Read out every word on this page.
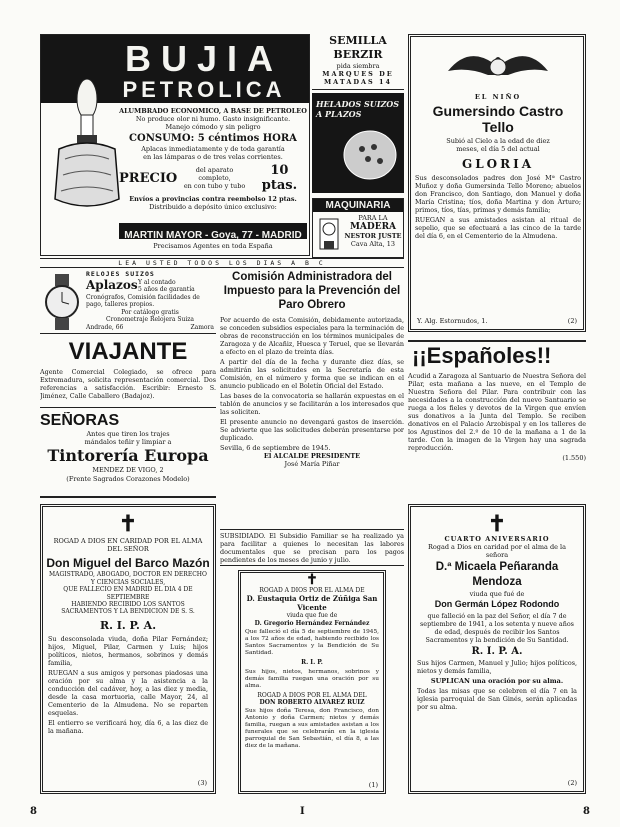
BUJIA
PETROLICA

ALUMBRADO ECONOMICO, A BASE DE PETROLEO

No produce olor ni humo. Gasto insignificante.

Manejo cómodo y sin peligro

CONSUMO: 5 céntimos HORA

Aplacas inmediatamente y de toda garantía

en las lámparas o de tres velas corrientes.

PRECIO
del aparato completo,
en con tubo y tubo
10 ptas.

Envíos a provincias contra reembolso 12 ptas.

Distribuido a depósito único exclusivo:

MARTIN MAYOR - Goya, 77 - MADRID

Precisamos Agentes en toda España

SEMILLA BERZIR
pida siembra
MARQUES DE
MATADAS 14
HELADOS SUIZOS
A PLAZOS
MAQUINARIA
PARA LA
MADERA
NESTOR JUSTE
Cava Alta, 13
EL NIÑO
Gumersindo Castro Tello
Subió al Cielo a la edad de diez
meses, el día 5 del actual
GLORIA

Sus desconsolados padres don José Mª Castro Muñoz y doña Gumersinda Tello Moreno; abuelos don Francisco, don Santiago, don Manuel y doña María Cristina; tíos, doña Martina y don Arturo; primos, tíos, tías, primas y demás familia;

RUEGAN a sus amistades asistan al ritual de sepelio, que se efectuará a las cinco de la tarde del día 6, en el Cementerio de la Almudena.

Y. Alg. Estornudos, 1.	(2)
LEA USTED TODOS LOS DIAS A B C
RELOJES SUIZOS
Aplazos Y al contado
5 años de garantía
Cronógrafos, Comisión facilidades de pago, talleres propios.
Por catálogo gratis
Cronometraje Relojera Suiza
Andrade, 66	Zamora
VIAJANTE

Agente Comercial Colegiado, se ofrece para Extremadura, solicita representación comercial. Dos referencias a satisfacción. Escribir: Ernesto S. Jiménez, Calle Caballero (Badajoz).

SEÑORAS
Antes que tiren los trajes
mándalos teñir y limpiar a
Tintorería Europa
MENDEZ DE VIGO, 2
(Frente Sagrados Corazones Modelo)
Comisión Administradora del Impuesto para la Prevención del Paro Obrero

Por acuerdo de esta Comisión, debidamente autorizada, se conceden subsidios especiales para la terminación de obras de reconstrucción en los términos municipales de Zaragoza y de Alcañiz, Huesca y Teruel, que se llevarán a efecto en el plazo de treinta días.

A partir del día de la fecha y durante diez días, se admitirán las solicitudes en la Secretaría de esta Comisión, en el número y forma que se indican en el anuncio publicado en el Boletín Oficial del Estado.

Las bases de la convocatoria se hallarán expuestas en el tablón de anuncios y se facilitarán a los interesados que las soliciten.

El presente anuncio no devengará gastos de inserción. Se advierte que las solicitudes deberán presentarse por duplicado.

Sevilla, 6 de septiembre de 1945.
El ALCALDE PRESIDENTE
José María Piñar
¡¡Españoles!!

Acudid a Zaragoza al Santuario de Nuestra Señora del Pilar, esta mañana a las nueve, en el Templo de Nuestra Señora del Pilar. Para contribuir con las necesidades a la construcción del nuevo Santuario se ruega a los fieles y devotos de la Virgen que envíen sus donativos a la Junta del Templo. Se reciben donativos en el Palacio Arzobispal y en los talleres de los Agustinos del 2.º de 10 de la mañana a 1 de la tarde. Con la imagen de la Virgen hay una sagrada reproducción.

(1.550)
✝
ROGAD A DIOS EN CARIDAD POR EL ALMA DEL SEÑOR
Don Miguel del Barco Mazón
MAGISTRADO, ABOGADO, DOCTOR EN DERECHO Y CIENCIAS SOCIALES,
QUE FALLECIO EN MADRID EL DIA 4 DE SEPTIEMBRE
HABIENDO RECIBIDO LOS SANTOS SACRAMENTOS Y LA BENDICION DE S. S.
R. I. P. A.

Su desconsolada viuda, doña Pilar Fernández; hijos, Miguel, Pilar, Carmen y Luis; hijos políticos, nietos, hermanos, sobrinos y demás familia,

RUEGAN a sus amigos y personas piadosas una oración por su alma y la asistencia a la conducción del cadáver, hoy, a las diez y media, desde la casa mortuoria, calle Mayor, 24, al Cementerio de la Almudena. No se reparten esquelas.

El entierro se verificará hoy, día 6, a las diez de la mañana.

(3)

SUBSIDIADO. El Subsidio Familiar se ha realizado ya para facilitar a quienes lo necesitan las labores documentales que se precisan para los pagos pendientes de los meses de junio y julio.

✝
ROGAD A DIOS POR EL ALMA DE
D. Eustaquia Ortiz de Zúñiga San Vicente
viuda que fue de
D. Gregorio Hernández Fernández

Que falleció el día 5 de septiembre de 1945, a los 72 años de edad, habiendo recibido los Santos Sacramentos y la Bendición de Su Santidad.

R. I. P.

Sus hijos, nietos, hermanos, sobrinos y demás familia ruegan una oración por su alma.

ROGAD A DIOS POR EL ALMA DEL
DON ROBERTO ALVAREZ RUIZ

Sus hijos doña Teresa, don Francisco, don Antonio y doña Carmen; nietos y demás familia, ruegan a sus amistades asistan a los funerales que se celebrarán en la iglesia parroquial de San Sebastián, el día 8, a las diez de la mañana.

(1)
✝
CUARTO ANIVERSARIO
Rogad a Dios en caridad por el alma de la señora
D.ª Micaela Peñaranda Mendoza
viuda que fué de
Don Germán López Rodondo

que falleció en la paz del Señor, el día 7 de septiembre de 1941, a los setenta y nueve años de edad, después de recibir los Santos Sacramentos y la bendición de Su Santidad.

R. I. P. A.

Sus hijos Carmen, Manuel y Julio; hijos políticos, nietos y demás familia,

SUPLICAN una oración por su alma.

Todas las misas que se celebren el día 7 en la iglesia parroquial de San Ginés, serán aplicadas por su alma.

(2)
8	I	8
